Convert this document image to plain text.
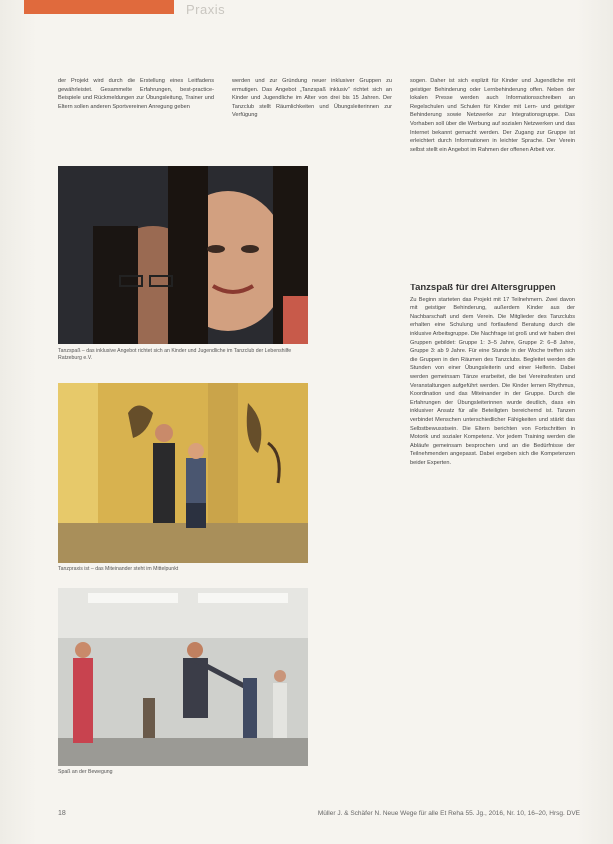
Praxis

der Projekt wird durch die Erstellung eines Leitfadens gewährleistet. Gesammelte Erfahrungen, best-practice-Beispiele und Rückmeldungen zur Übungsleitung, Trainer und Eltern sollen anderen Sportvereinen Anregung geben

werden und zur Gründung neuer inklusiver Gruppen zu ermutigen. Das Angebot „Tanzspaß inklusiv“ richtet sich an Kinder und Jugendliche im Alter von drei bis 15 Jahren. Der Tanzclub stellt Räumlichkeiten und Übungsleiterinnen zur Verfügung

sogen. Daher ist sich explizit für Kinder und Jugendliche mit geistiger Behinderung oder Lernbehinderung offen. Neben der lokalen Presse werden auch Informationsschreiben an Regelschulen und Schulen für Kinder mit Lern- und geistiger Behinderung sowie Netzwerke zur Integrationsgruppe. Das Vorhaben soll über die Werbung auf sozialen Netzwerken und das Internet bekannt gemacht werden. Der Zugang zur Gruppe ist erleichtert durch Informationen in leichter Sprache. Der Verein selbst stellt ein Angebot im Rahmen der offenen Arbeit vor.

Tanzspaß für drei Altersgruppen

Zu Beginn starteten das Projekt mit 17 Teilnehmern. Zwei davon mit geistiger Behinderung, außerdem Kinder aus der Nachbarschaft und dem Verein. Die Mitglieder des Tanzclubs erhalten eine Schulung und fortlaufend Beratung durch die inklusive Arbeitsgruppe. Die Nachfrage ist groß und wir haben drei Gruppen gebildet: Gruppe 1: 3–5 Jahre, Gruppe 2: 6–8 Jahre, Gruppe 3: ab 9 Jahre. Für eine Stunde in der Woche treffen sich die Gruppen in den Räumen des Tanzclubs. Begleitet werden die Stunden von einer Übungsleiterin und einer Helferin. Dabei werden gemeinsam Tänze erarbeitet, die bei Vereinsfesten und Veranstaltungen aufgeführt werden. Die Kinder lernen Rhythmus, Koordination und das Miteinander in der Gruppe. Durch die Erfahrungen der Übungsleiterinnen wurde deutlich, dass ein inklusiver Ansatz für alle Beteiligten bereichernd ist. Tanzen verbindet Menschen unterschiedlicher Fähigkeiten und stärkt das Selbstbewusstsein. Die Eltern berichten von Fortschritten in Motorik und sozialer Kompetenz. Vor jedem Training werden die Abläufe gemeinsam besprochen und an die Bedürfnisse der Teilnehmenden angepasst. Dabei ergeben sich die Kompetenzen beider Experten.

Tanzspaß – das inklusive Angebot richtet sich an Kinder und Jugendliche im Tanzclub der Lebenshilfe Ratzeburg e.V.
Tanzpraxis ist – das Miteinander steht im Mittelpunkt
Spaß an der Bewegung
18	Müller J. & Schäfer N. Neue Wege für alle Et Reha 55. Jg., 2016, Nr. 10, 16–20, Hrsg. DVE
